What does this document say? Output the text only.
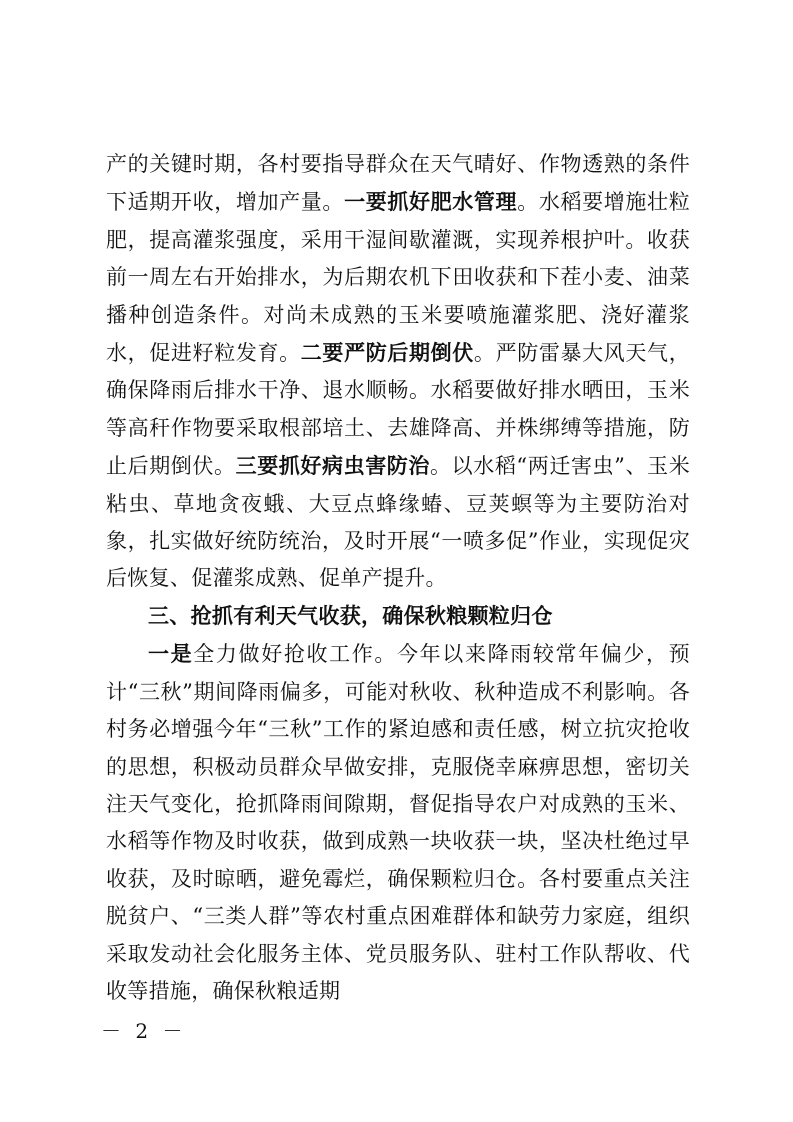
产的关键时期，各村要指导群众在天气晴好、作物透熟的条件下适期开收，增加产量。一要抓好肥水管理。水稻要增施壮粒肥，提高灌浆强度，采用干湿间歇灌溉，实现养根护叶。收获前一周左右开始排水，为后期农机下田收获和下茬小麦、油菜播种创造条件。对尚未成熟的玉米要喷施灌浆肥、浇好灌浆水，促进籽粒发育。二要严防后期倒伏。严防雷暴大风天气，确保降雨后排水干净、退水顺畅。水稻要做好排水晒田，玉米等高秆作物要采取根部培土、去雄降高、并株绑缚等措施，防止后期倒伏。三要抓好病虫害防治。以水稻“两迁害虫”、玉米粘虫、草地贪夜蛾、大豆点蜂缘蝽、豆荚螟等为主要防治对象，扎实做好统防统治，及时开展“一喷多促”作业，实现促灾后恢复、促灌浆成熟、促单产提升。

三、抢抓有利天气收获，确保秋粮颗粒归仓

一是全力做好抢收工作。今年以来降雨较常年偏少，预计“三秋”期间降雨偏多，可能对秋收、秋种造成不利影响。各村务必增强今年“三秋”工作的紧迫感和责任感，树立抗灾抢收的思想，积极动员群众早做安排，克服侥幸麻痹思想，密切关注天气变化，抢抓降雨间隙期，督促指导农户对成熟的玉米、水稻等作物及时收获，做到成熟一块收获一块，坚决杜绝过早收获，及时晾晒，避免霉烂，确保颗粒归仓。各村要重点关注脱贫户、“三类人群”等农村重点困难群体和缺劳力家庭，组织采取发动社会化服务主体、党员服务队、驻村工作队帮收、代收等措施，确保秋粮适期

－ 2 －
